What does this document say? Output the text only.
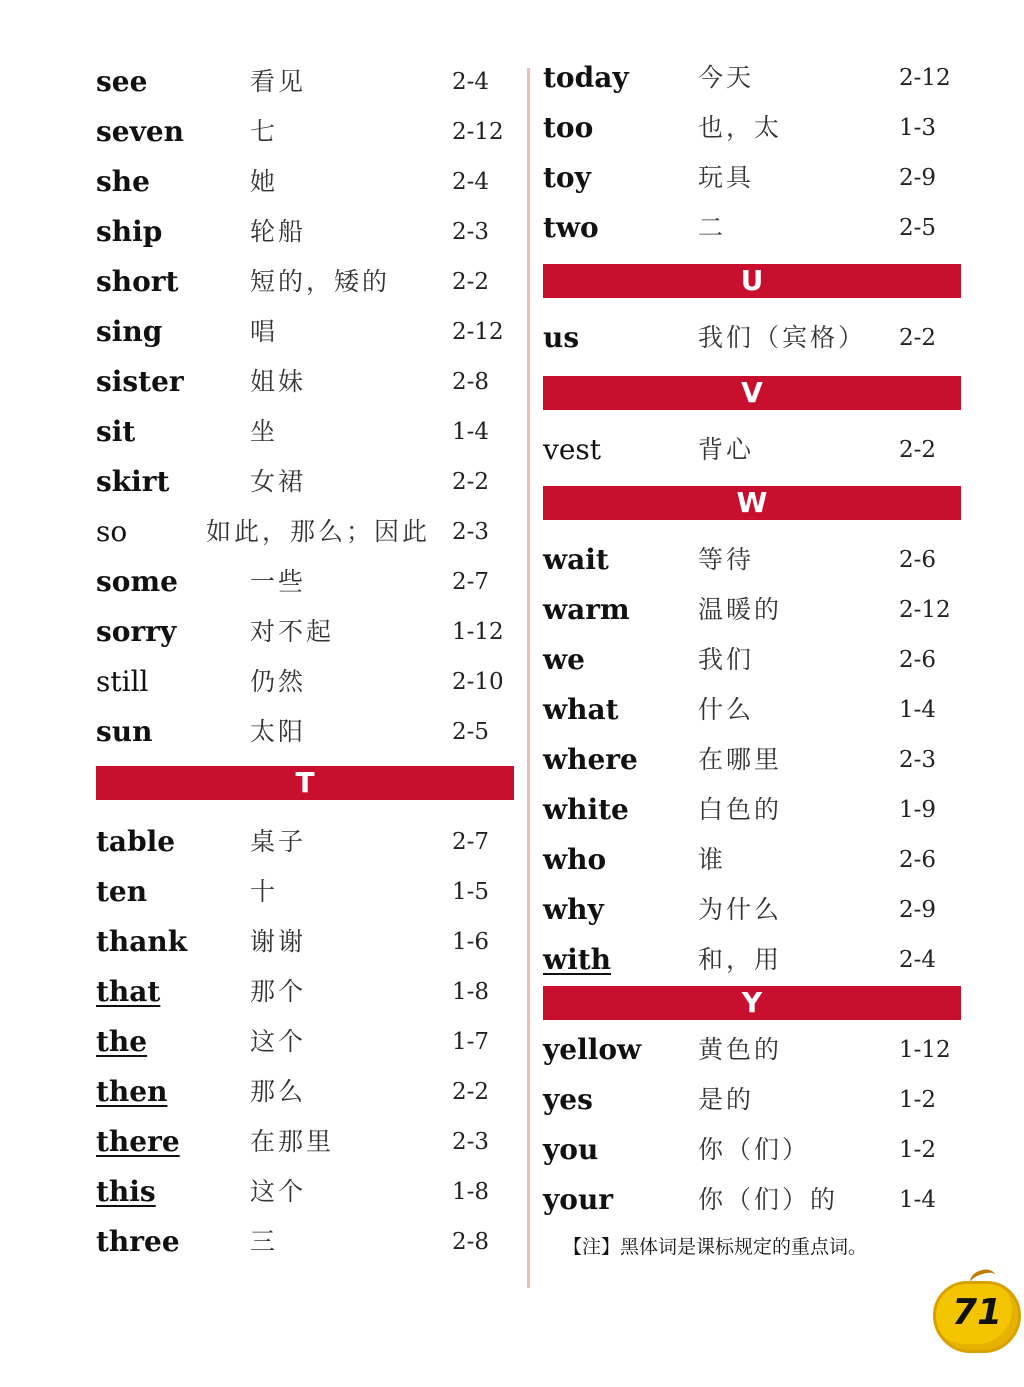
see	看见	2-4
seven	七	2-12
she	她	2-4
ship	轮船	2-3
short	短的，矮的	2-2
sing	唱	2-12
sister	姐妹	2-8
sit	坐	1-4
skirt	女裙	2-2
so	如此，那么；因此 2-3
some	一些	2-7
sorry	对不起	1-12
still	仍然	2-10
sun	太阳	2-5
T
table	桌子	2-7
ten	十	1-5
thank	谢谢	1-6
that	那个	1-8
the	这个	1-7
then	那么	2-2
there	在那里	2-3
this	这个	1-8
three	三	2-8
today	今天	2-12
too	也，太	1-3
toy	玩具	2-9
two	二	2-5
U
us	我们（宾格） 2-2
V
vest	背心	2-2
W
wait	等待	2-6
warm	温暖的	2-12
we	我们	2-6
what	什么	1-4
where 在哪里	2-3
white	白色的	1-9
who	谁	2-6
why	为什么	2-9
with	和，用	2-4
Y
yellow 黄色的	1-12
yes	是的	1-2
you	你（们）	1-2
your	你（们）的	1-4
【注】黑体词是课标规定的重点词。
71
